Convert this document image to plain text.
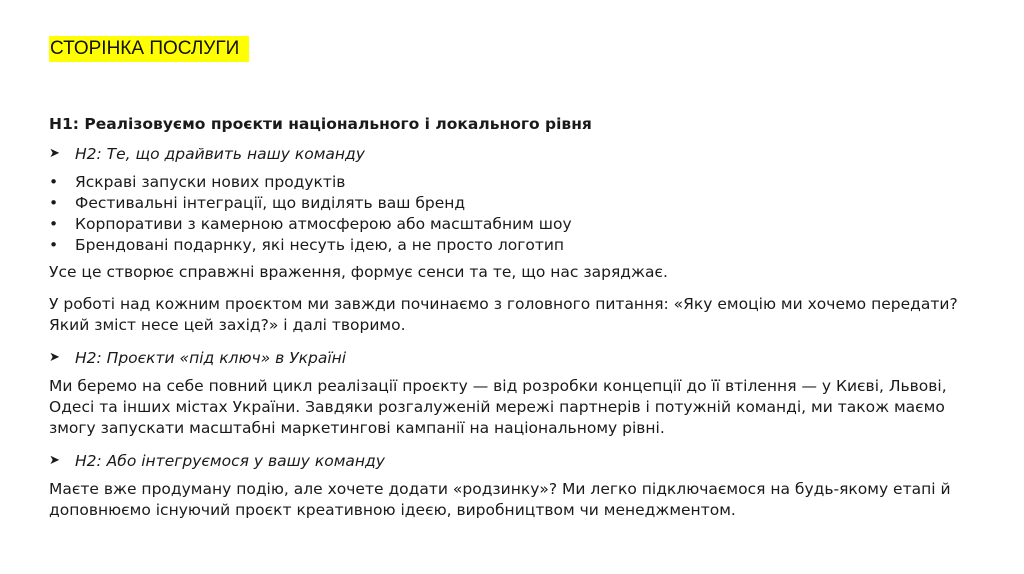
СТОРІНКА ПОСЛУГИ
H1: Реалізовуємо проєкти національного і локального рівня
➤ H2: Те, що драйвить нашу команду
•	Яскраві запуски нових продуктів
•	Фестивальні інтеграції, що виділять ваш бренд
•	Корпоративи з камерною атмосферою або масштабним шоу
•	Брендовані подарнку, які несуть ідею, а не просто логотип

Усе це створює справжні враження, формує сенси та те, що нас заряджає.

У роботі над кожним проєктом ми завжди починаємо з головного питання: «Яку емоцію ми хочемо передати? Який зміст несе цей захід?» і далі творимо.

➤ H2: Проєкти «під ключ» в Україні

Ми беремо на себе повний цикл реалізації проєкту — від розробки концепції до її втілення — у Києві, Львові, Одесі та інших містах України. Завдяки розгалуженій мережі партнерів і потужній команді, ми також маємо змогу запускати масштабні маркетингові кампанії на національному рівні.

➤ H2: Або інтегруємося у вашу команду

Маєте вже продуману подію, але хочете додати «родзинку»? Ми легко підключаємося на будь-якому етапі й доповнюємо існуючий проєкт креативною ідеєю, виробництвом чи менеджментом.
